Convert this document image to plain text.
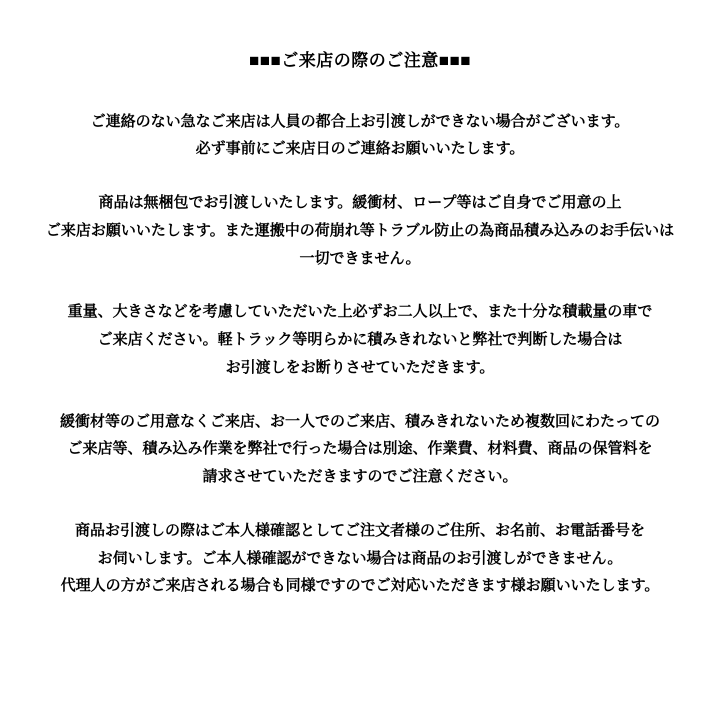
■■■ご来店の際のご注意■■■

ご連絡のない急なご来店は人員の都合上お引渡しができない場合がございます。
必ず事前にご来店日のご連絡お願いいたします。

商品は無梱包でお引渡しいたします。緩衝材、ロープ等はご自身でご用意の上
ご来店お願いいたします。また運搬中の荷崩れ等トラブル防止の為商品積み込みのお手伝いは
一切できません。

重量、大きさなどを考慮していただいた上必ずお二人以上で、また十分な積載量の車で
ご来店ください。軽トラック等明らかに積みきれないと弊社で判断した場合は
お引渡しをお断りさせていただきます。

緩衝材等のご用意なくご来店、お一人でのご来店、積みきれないため複数回にわたっての
ご来店等、積み込み作業を弊社で行った場合は別途、作業費、材料費、商品の保管料を
請求させていただきますのでご注意ください。

商品お引渡しの際はご本人様確認としてご注文者様のご住所、お名前、お電話番号を
お伺いします。ご本人様確認ができない場合は商品のお引渡しができません。
代理人の方がご来店される場合も同様ですのでご対応いただきます様お願いいたします。
